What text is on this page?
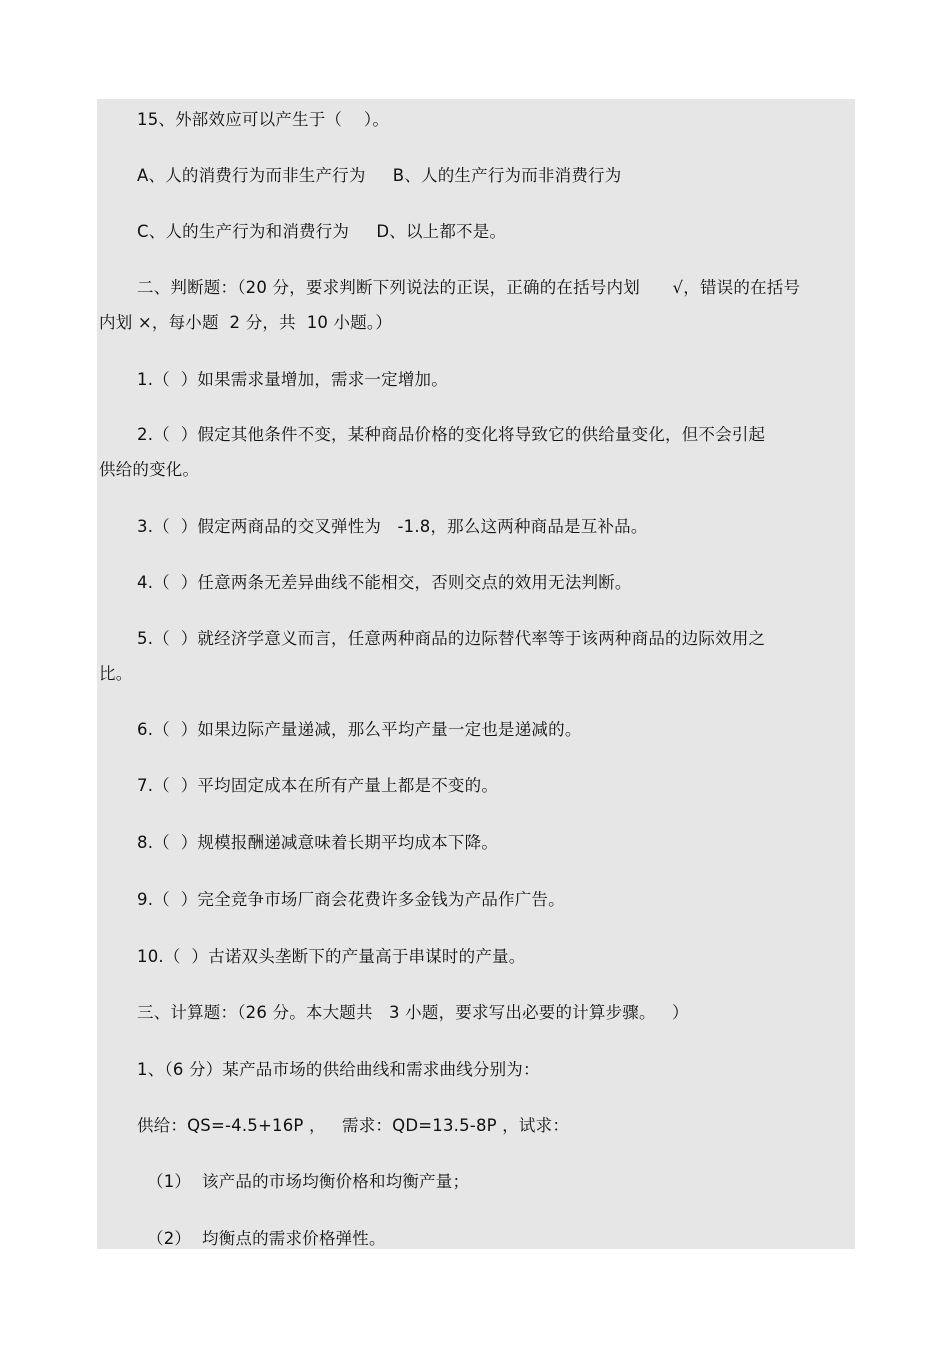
15、外部效应可以产生于（    ）。
A、人的消费行为而非生产行为     B、人的生产行为而非消费行为
C、人的生产行为和消费行为     D、以上都不是。
二、判断题：（20 分，要求判断下列说法的正误，正确的在括号内划      √，错误的在括号
内划 ×，每小题  2 分，共  10 小题。）
1.（  ）如果需求量增加，需求一定增加。
2.（  ）假定其他条件不变，某种商品价格的变化将导致它的供给量变化，但不会引起
供给的变化。
3.（  ）假定两商品的交叉弹性为   -1.8，那么这两种商品是互补品。
4.（  ）任意两条无差异曲线不能相交，否则交点的效用无法判断。
5.（  ）就经济学意义而言，任意两种商品的边际替代率等于该两种商品的边际效用之
比。
6.（  ）如果边际产量递减，那么平均产量一定也是递减的。
7.（  ）平均固定成本在所有产量上都是不变的。
8.（  ）规模报酬递减意味着长期平均成本下降。
9.（  ）完全竞争市场厂商会花费许多金钱为产品作广告。
10.（  ）古诺双头垄断下的产量高于串谋时的产量。
三、计算题：（26 分。本大题共   3 小题，要求写出必要的计算步骤。   ）
1、（6 分）某产品市场的供给曲线和需求曲线分别为：
供给：QS=-4.5+16P ，   需求：QD=13.5-8P ，试求：
（1）  该产品的市场均衡价格和均衡产量；
（2）  均衡点的需求价格弹性。
